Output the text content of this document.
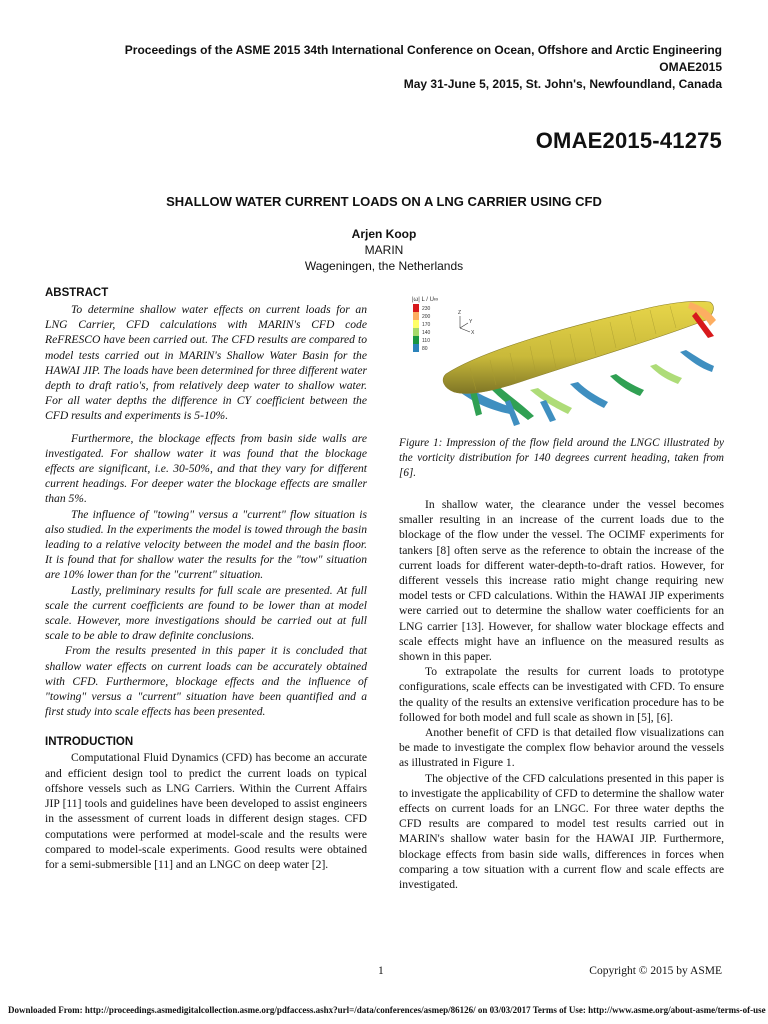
Proceedings of the ASME 2015 34th International Conference on Ocean, Offshore and Arctic Engineering
OMAE2015
May 31-June 5, 2015, St. John's, Newfoundland, Canada
OMAE2015-41275
SHALLOW WATER CURRENT LOADS ON A LNG CARRIER USING CFD
Arjen Koop
MARIN
Wageningen, the Netherlands
ABSTRACT

To determine shallow water effects on current loads for an LNG Carrier, CFD calculations with MARIN's CFD code ReFRESCO have been carried out. The CFD results are compared to model tests carried out in MARIN's Shallow Water Basin for the HAWAI JIP. The loads have been determined for three different water depth to draft ratio's, from relatively deep water to shallow water. For all water depths the difference in CY coefficient between the CFD results and experiments is 5-10%.

Furthermore, the blockage effects from basin side walls are investigated. For shallow water it was found that the blockage effects are significant, i.e. 30-50%, and that they vary for different current headings. For deeper water the blockage effects are smaller than 5%.

The influence of "towing" versus a "current" flow situation is also studied. In the experiments the model is towed through the basin leading to a relative velocity between the model and the basin floor. It is found that for shallow water the results for the "tow" situation are 10% lower than for the "current" situation.

Lastly, preliminary results for full scale are presented. At full scale the current coefficients are found to be lower than at model scale. However, more investigations should be carried out at full scale to be able to draw definite conclusions.

From the results presented in this paper it is concluded that shallow water effects on current loads can be accurately obtained with CFD. Furthermore, blockage effects and the influence of "towing" versus a "current" situation have been quantified and a first study into scale effects has been presented.

INTRODUCTION

Computational Fluid Dynamics (CFD) has become an accurate and efficient design tool to predict the current loads on typical offshore vessels such as LNG Carriers. Within the Current Affairs JIP [11] tools and guidelines have been developed to assist engineers in the assessment of current loads in different design stages. CFD computations were performed at model-scale and the results were compared to model-scale experiments. Good results were obtained for a semi-submersible [11] and an LNGC on deep water [2].

|ω| L / U∞
230
200
170
140
110
80
Z
X
Y
Figure 1: Impression of the flow field around the LNGC illustrated by the vorticity distribution for 140 degrees current heading, taken from [6].

In shallow water, the clearance under the vessel becomes smaller resulting in an increase of the current loads due to the blockage of the flow under the vessel. The OCIMF experiments for tankers [8] often serve as the reference to obtain the increase of the current loads for different water-depth-to-draft ratios. However, for different vessels this increase ratio might change requiring new model tests or CFD calculations. Within the HAWAI JIP experiments were carried out to determine the shallow water coefficients for an LNG carrier [13]. However, for shallow water blockage effects and scale effects might have an influence on the measured results as shown in this paper.

To extrapolate the results for current loads to prototype configurations, scale effects can be investigated with CFD. To ensure the quality of the results an extensive verification procedure has to be followed for both model and full scale as shown in [5], [6].

Another benefit of CFD is that detailed flow visualizations can be made to investigate the complex flow behavior around the vessels as illustrated in Figure 1.

The objective of the CFD calculations presented in this paper is to investigate the applicability of CFD to determine the shallow water effects on current loads for an LNGC. For three water depths the CFD results are compared to model test results carried out in MARIN's shallow water basin for the HAWAI JIP. Furthermore, blockage effects from basin side walls, differences in forces when comparing a tow situation with a current flow and scale effects are investigated.

1	Copyright © 2015 by ASME
Downloaded From: http://proceedings.asmedigitalcollection.asme.org/pdfaccess.ashx?url=/data/conferences/asmep/86126/ on 03/03/2017 Terms of Use: http://www.asme.org/about-asme/terms-of-use
